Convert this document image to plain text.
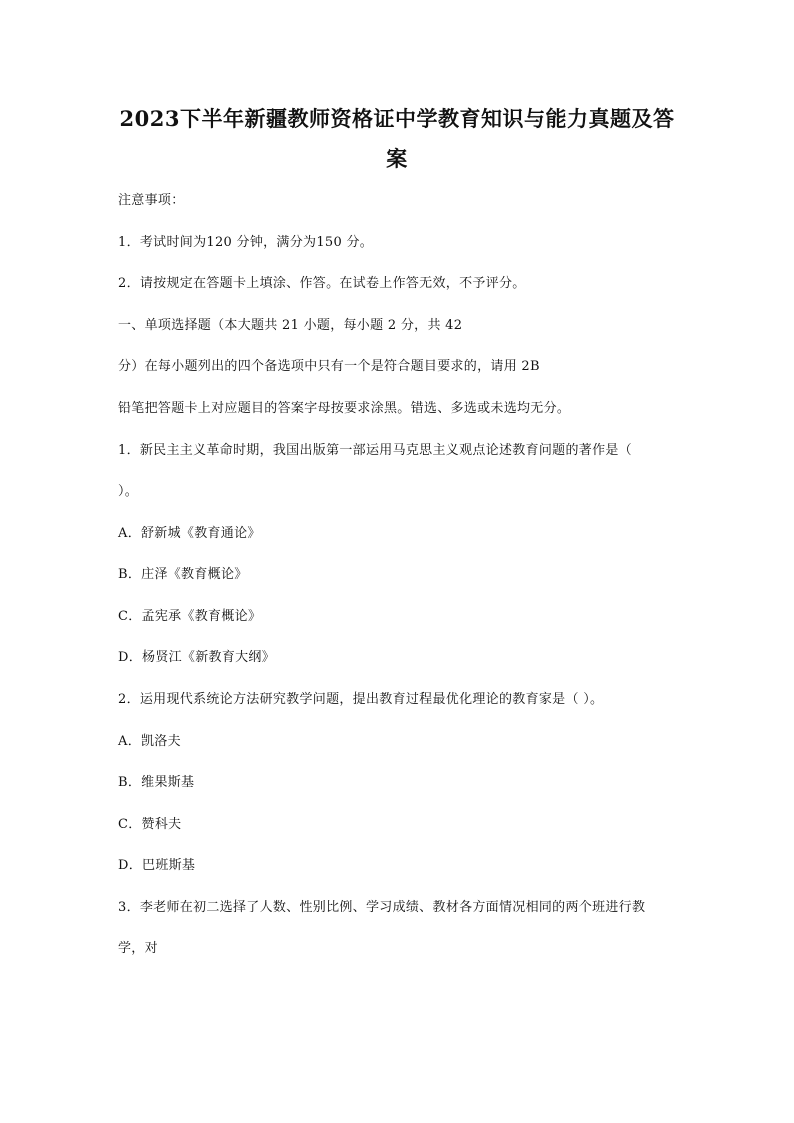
2023下半年新疆教师资格证中学教育知识与能力真题及答
案
注意事项：
1．考试时间为120 分钟，满分为150 分。
2．请按规定在答题卡上填涂、作答。在试卷上作答无效，不予评分。
一、单项选择题（本大题共 21 小题，每小题 2 分，共 42
分）在每小题列出的四个备选项中只有一个是符合题目要求的，请用 2B
铅笔把答题卡上对应题目的答案字母按要求涂黑。错选、多选或未选均无分。
1．新民主主义革命时期，我国出版第一部运用马克思主义观点论述教育问题的著作是（
）。
A．舒新城《教育通论》
B．庄泽《教育概论》
C．孟宪承《教育概论》
D．杨贤江《新教育大纲》
2．运用现代系统论方法研究教学问题，提出教育过程最优化理论的教育家是（ ）。
A．凯洛夫
B．维果斯基
C．赞科夫
D．巴班斯基
3．李老师在初二选择了人数、性别比例、学习成绩、教材各方面情况相同的两个班进行教
学，对
